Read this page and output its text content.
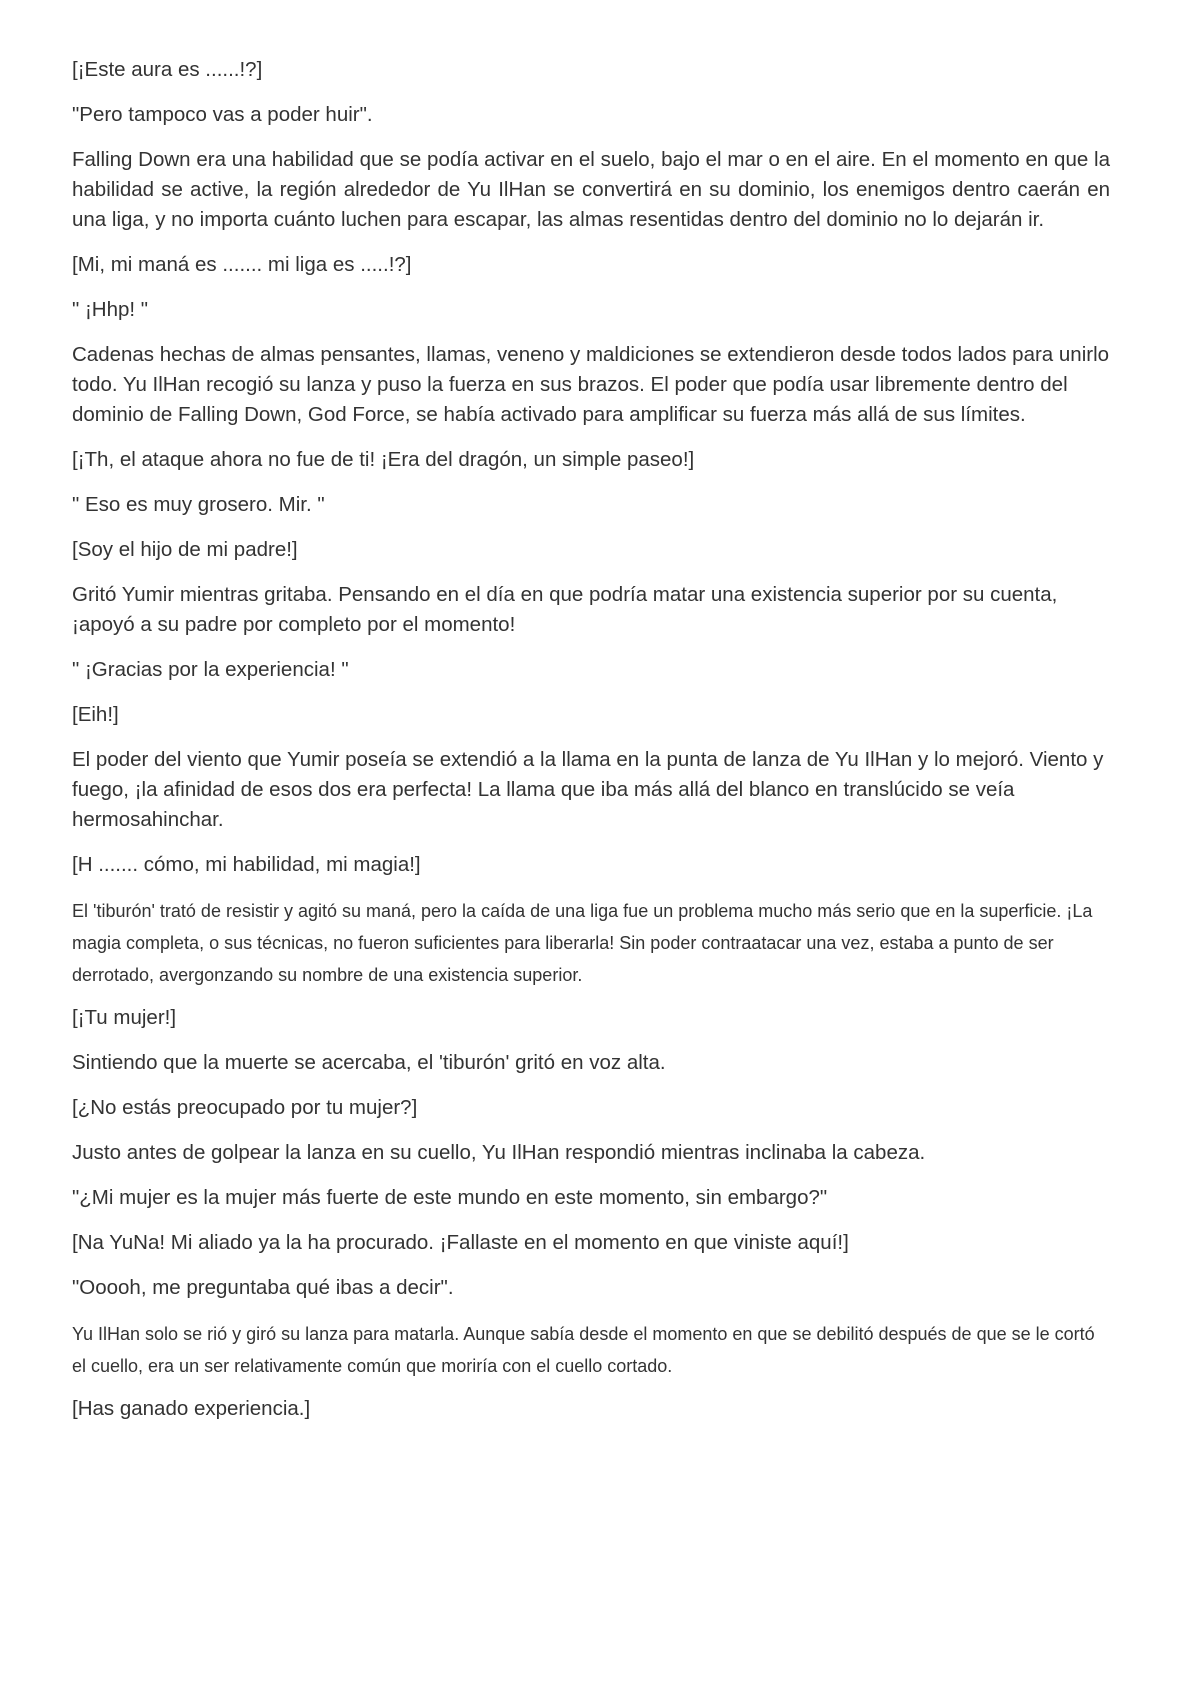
[¡Este aura es ......!?]

"Pero tampoco vas a poder huir".

Falling Down era una habilidad que se podía activar en el suelo, bajo el mar o en el aire. En el momento en que la habilidad se active, la región alrededor de Yu IlHan se convertirá en su dominio, los enemigos dentro caerán en una liga, y no importa cuánto luchen para escapar, las almas resentidas dentro del dominio no lo dejarán ir.

[Mi, mi maná es ....... mi liga es .....!?]

" ¡Hhp! "

Cadenas hechas de almas pensantes, llamas, veneno y maldiciones se extendieron desde todos lados para unirlo todo. Yu IlHan recogió su lanza y puso la fuerza en sus brazos. El poder que podía usar libremente dentro del dominio de Falling Down, God Force, se había activado para amplificar su fuerza más allá de sus límites.

[¡Th, el ataque ahora no fue de ti! ¡Era del dragón, un simple paseo!]

" Eso es muy grosero. Mir. "

[Soy el hijo de mi padre!]

Gritó Yumir mientras gritaba. Pensando en el día en que podría matar una existencia superior por su cuenta, ¡apoyó a su padre por completo por el momento!

" ¡Gracias por la experiencia! "

[Eih!]

El poder del viento que Yumir poseía se extendió a la llama en la punta de lanza de Yu IlHan y lo mejoró. Viento y fuego, ¡la afinidad de esos dos era perfecta! La llama que iba más allá del blanco en translúcido se veía hermosahinchar.

[H ....... cómo, mi habilidad, mi magia!]

El 'tiburón' trató de resistir y agitó su maná, pero la caída de una liga fue un problema mucho más serio que en la superficie. ¡La magia completa, o sus técnicas, no fueron suficientes para liberarla! Sin poder contraatacar una vez, estaba a punto de ser derrotado, avergonzando su nombre de una existencia superior.

[¡Tu mujer!]

Sintiendo que la muerte se acercaba, el 'tiburón' gritó en voz alta.

[¿No estás preocupado por tu mujer?]

Justo antes de golpear la lanza en su cuello, Yu IlHan respondió mientras inclinaba la cabeza.

"¿Mi mujer es la mujer más fuerte de este mundo en este momento, sin embargo?"

[Na YuNa! Mi aliado ya la ha procurado. ¡Fallaste en el momento en que viniste aquí!]

"Ooooh, me preguntaba qué ibas a decir".

Yu IlHan solo se rió y giró su lanza para matarla. Aunque sabía desde el momento en que se debilitó después de que se le cortó el cuello, era un ser relativamente común que moriría con el cuello cortado.

[Has ganado experiencia.]
